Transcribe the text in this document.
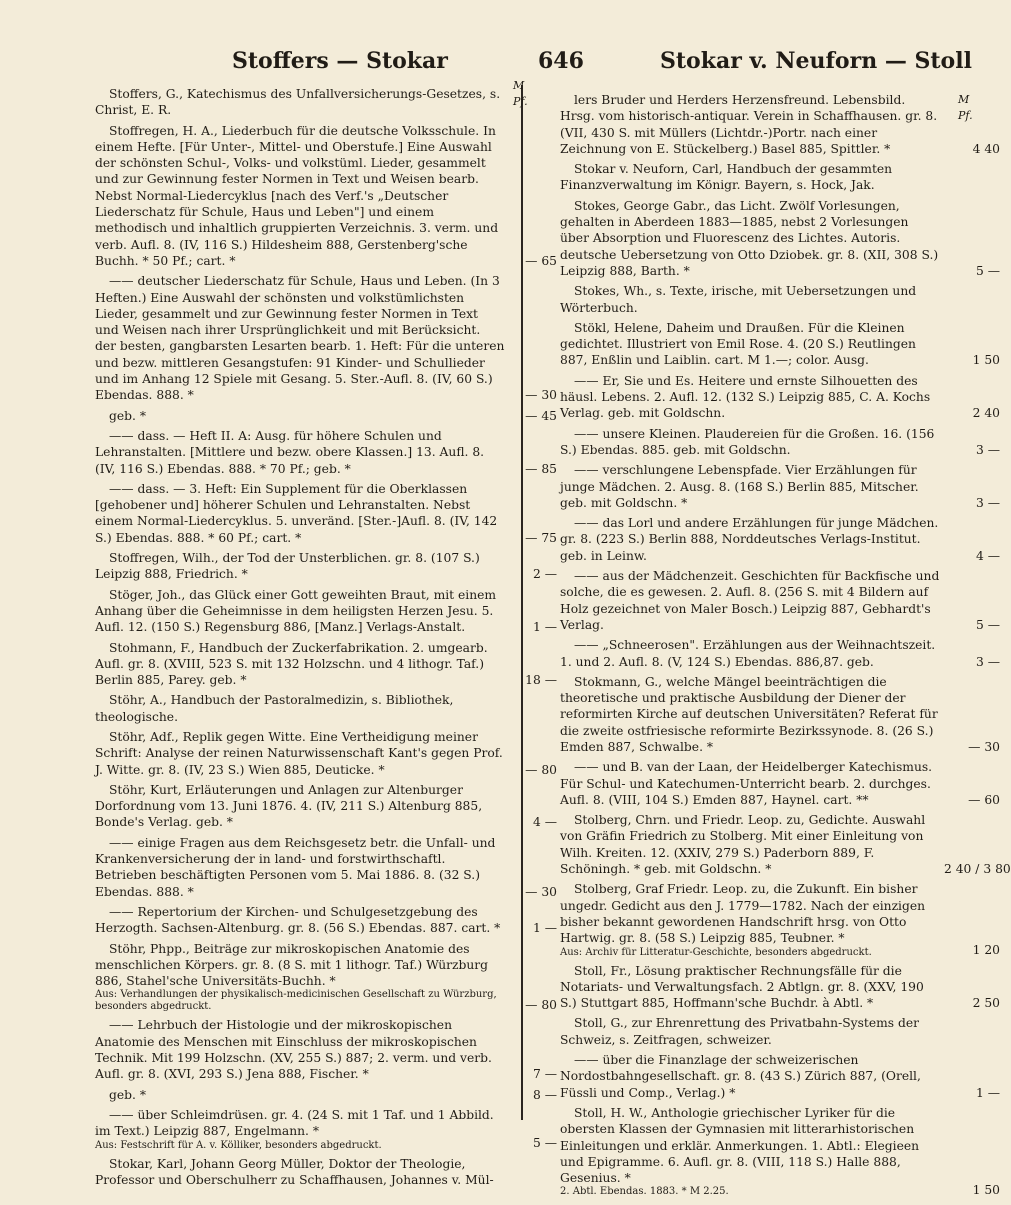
Stoffers — Stokar	646	Stokar v. Neuforn — Stoll
M Pf.

Stoffers, G., Katechismus des Unfallversicherungs-Gesetzes, s. Christ, E. R.

Stoffregen, H. A., Liederbuch für die deutsche Volksschule. In einem Hefte. [Für Unter-, Mittel- und Oberstufe.] Eine Auswahl der schönsten Schul-, Volks- und volkstüml. Lieder, gesammelt und zur Gewinnung fester Normen in Text und Weisen bearb. Nebst Normal-Liedercyklus [nach des Verf.'s „Deutscher Liederschatz für Schule, Haus und Leben"] und einem methodisch und inhaltlich gruppierten Verzeichnis. 3. verm. und verb. Aufl. 8. (IV, 116 S.) Hildesheim 888, Gerstenberg'sche Buchh. * 50 Pf.; cart. *	— 65

—— deutscher Liederschatz für Schule, Haus und Leben. (In 3 Heften.) Eine Auswahl der schönsten und volkstümlichsten Lieder, gesammelt und zur Gewinnung fester Normen in Text und Weisen nach ihrer Ursprünglichkeit und mit Berücksicht. der besten, gangbarsten Lesarten bearb. 1. Heft: Für die unteren und bezw. mittleren Gesangstufen: 91 Kinder- und Schullieder und im Anhang 12 Spiele mit Gesang. 5. Ster.-Aufl. 8. (IV, 60 S.) Ebendas. 888. *	— 30

geb. *	— 45

—— dass. — Heft II. A: Ausg. für höhere Schulen und Lehranstalten. [Mittlere und bezw. obere Klassen.] 13. Aufl. 8. (IV, 116 S.) Ebendas. 888. * 70 Pf.; geb. *	— 85

—— dass. — 3. Heft: Ein Supplement für die Oberklassen [gehobener und] höherer Schulen und Lehranstalten. Nebst einem Normal-Liedercyklus. 5. unveränd. [Ster.-]Aufl. 8. (IV, 142 S.) Ebendas. 888. * 60 Pf.; cart. *	— 75

Stoffregen, Wilh., der Tod der Unsterblichen. gr. 8. (107 S.) Leipzig 888, Friedrich. *	2 —

Stöger, Joh., das Glück einer Gott geweihten Braut, mit einem Anhang über die Geheimnisse in dem heiligsten Herzen Jesu. 5. Aufl. 12. (150 S.) Regensburg 886, [Manz.] Verlags-Anstalt.	1 —

Stohmann, F., Handbuch der Zuckerfabrikation. 2. umgearb. Aufl. gr. 8. (XVIII, 523 S. mit 132 Holzschn. und 4 lithogr. Taf.) Berlin 885, Parey. geb. *	18 —

Stöhr, A., Handbuch der Pastoralmedizin, s. Bibliothek, theologische.

Stöhr, Adf., Replik gegen Witte. Eine Vertheidigung meiner Schrift: Analyse der reinen Naturwissenschaft Kant's gegen Prof. J. Witte. gr. 8. (IV, 23 S.) Wien 885, Deuticke. *	— 80

Stöhr, Kurt, Erläuterungen und Anlagen zur Altenburger Dorfordnung vom 13. Juni 1876. 4. (IV, 211 S.) Altenburg 885, Bonde's Verlag. geb. *	4 —

—— einige Fragen aus dem Reichsgesetz betr. die Unfall- und Krankenversicherung der in land- und forstwirthschaftl. Betrieben beschäftigten Personen vom 5. Mai 1886. 8. (32 S.) Ebendas. 888. *	— 30

—— Repertorium der Kirchen- und Schulgesetzgebung des Herzogth. Sachsen-Altenburg. gr. 8. (56 S.) Ebendas. 887. cart. *	1 —

Stöhr, Phpp., Beiträge zur mikroskopischen Anatomie des menschlichen Körpers. gr. 8. (8 S. mit 1 lithogr. Taf.) Würzburg 886, Stahel'sche Universitäts-Buchh. *

Aus: Verhandlungen der physikalisch-medicinischen Gesellschaft zu Würzburg, besonders abgedruckt.	— 80

—— Lehrbuch der Histologie und der mikroskopischen Anatomie des Menschen mit Einschluss der mikroskopischen Technik. Mit 199 Holzschn. (XV, 255 S.) 887; 2. verm. und verb. Aufl. gr. 8. (XVI, 293 S.) Jena 888, Fischer. *	7 —

geb. *	8 —

—— über Schleimdrüsen. gr. 4. (24 S. mit 1 Taf. und 1 Abbild. im Text.) Leipzig 887, Engelmann. *

Aus: Festschrift für A. v. Kölliker, besonders abgedruckt.	5 —

Stokar, Karl, Johann Georg Müller, Doktor der Theologie, Professor und Oberschulherr zu Schaffhausen, Johannes v. Mül-

M Pf.

lers Bruder und Herders Herzensfreund. Lebensbild. Hrsg. vom historisch-antiquar. Verein in Schaffhausen. gr. 8. (VII, 430 S. mit Müllers (Lichtdr.-)Portr. nach einer Zeichnung von E. Stückelberg.) Basel 885, Spittler. *	4 40

Stokar v. Neuforn, Carl, Handbuch der gesammten Finanzverwaltung im Königr. Bayern, s. Hock, Jak.

Stokes, George Gabr., das Licht. Zwölf Vorlesungen, gehalten in Aberdeen 1883—1885, nebst 2 Vorlesungen über Absorption und Fluorescenz des Lichtes. Autoris. deutsche Uebersetzung von Otto Dziobek. gr. 8. (XII, 308 S.) Leipzig 888, Barth. *	5 —

Stokes, Wh., s. Texte, irische, mit Uebersetzungen und Wörterbuch.

Stökl, Helene, Daheim und Draußen. Für die Kleinen gedichtet. Illustriert von Emil Rose. 4. (20 S.) Reutlingen 887, Enßlin und Laiblin. cart. M 1.—; color. Ausg.	1 50

—— Er, Sie und Es. Heitere und ernste Silhouetten des häusl. Lebens. 2. Aufl. 12. (132 S.) Leipzig 885, C. A. Kochs Verlag. geb. mit Goldschn.	2 40

—— unsere Kleinen. Plaudereien für die Großen. 16. (156 S.) Ebendas. 885. geb. mit Goldschn.	3 —

—— verschlungene Lebenspfade. Vier Erzählungen für junge Mädchen. 2. Ausg. 8. (168 S.) Berlin 885, Mitscher. geb. mit Goldschn. *	3 —

—— das Lorl und andere Erzählungen für junge Mädchen. gr. 8. (223 S.) Berlin 888, Norddeutsches Verlags-Institut. geb. in Leinw.	4 —

—— aus der Mädchenzeit. Geschichten für Backfische und solche, die es gewesen. 2. Aufl. 8. (256 S. mit 4 Bildern auf Holz gezeichnet von Maler Bosch.) Leipzig 887, Gebhardt's Verlag.	5 —

—— „Schneerosen". Erzählungen aus der Weihnachtszeit. 1. und 2. Aufl. 8. (V, 124 S.) Ebendas. 886,87. geb.	3 —

Stokmann, G., welche Mängel beeinträchtigen die theoretische und praktische Ausbildung der Diener der reformirten Kirche auf deutschen Universitäten? Referat für die zweite ostfriesische reformirte Bezirkssynode. 8. (26 S.) Emden 887, Schwalbe. *	— 30

—— und B. van der Laan, der Heidelberger Katechismus. Für Schul- und Katechumen-Unterricht bearb. 2. durchges. Aufl. 8. (VIII, 104 S.) Emden 887, Haynel. cart. **	— 60

Stolberg, Chrn. und Friedr. Leop. zu, Gedichte. Auswahl von Gräfin Friedrich zu Stolberg. Mit einer Einleitung von Wilh. Kreiten. 12. (XXIV, 279 S.) Paderborn 889, F. Schöningh. * geb. mit Goldschn. *	2 40 / 3 80

Stolberg, Graf Friedr. Leop. zu, die Zukunft. Ein bisher ungedr. Gedicht aus den J. 1779—1782. Nach der einzigen bisher bekannt gewordenen Handschrift hrsg. von Otto Hartwig. gr. 8. (58 S.) Leipzig 885, Teubner. *

Aus: Archiv für Litteratur-Geschichte, besonders abgedruckt.	1 20

Stoll, Fr., Lösung praktischer Rechnungsfälle für die Notariats- und Verwaltungsfach. 2 Abtlgn. gr. 8. (XXV, 190 S.) Stuttgart 885, Hoffmann'sche Buchdr. à Abtl. *	2 50

Stoll, G., zur Ehrenrettung des Privatbahn-Systems der Schweiz, s. Zeitfragen, schweizer.

—— über die Finanzlage der schweizerischen Nordostbahngesellschaft. gr. 8. (43 S.) Zürich 887, (Orell, Füssli und Comp., Verlag.) *	1 —

Stoll, H. W., Anthologie griechischer Lyriker für die obersten Klassen der Gymnasien mit litterarhistorischen Einleitungen und erklär. Anmerkungen. 1. Abtl.: Elegieen und Epigramme. 6. Aufl. gr. 8. (VIII, 118 S.) Halle 888, Gesenius. *

2. Abtl. Ebendas. 1883. * M 2.25.	1 50
